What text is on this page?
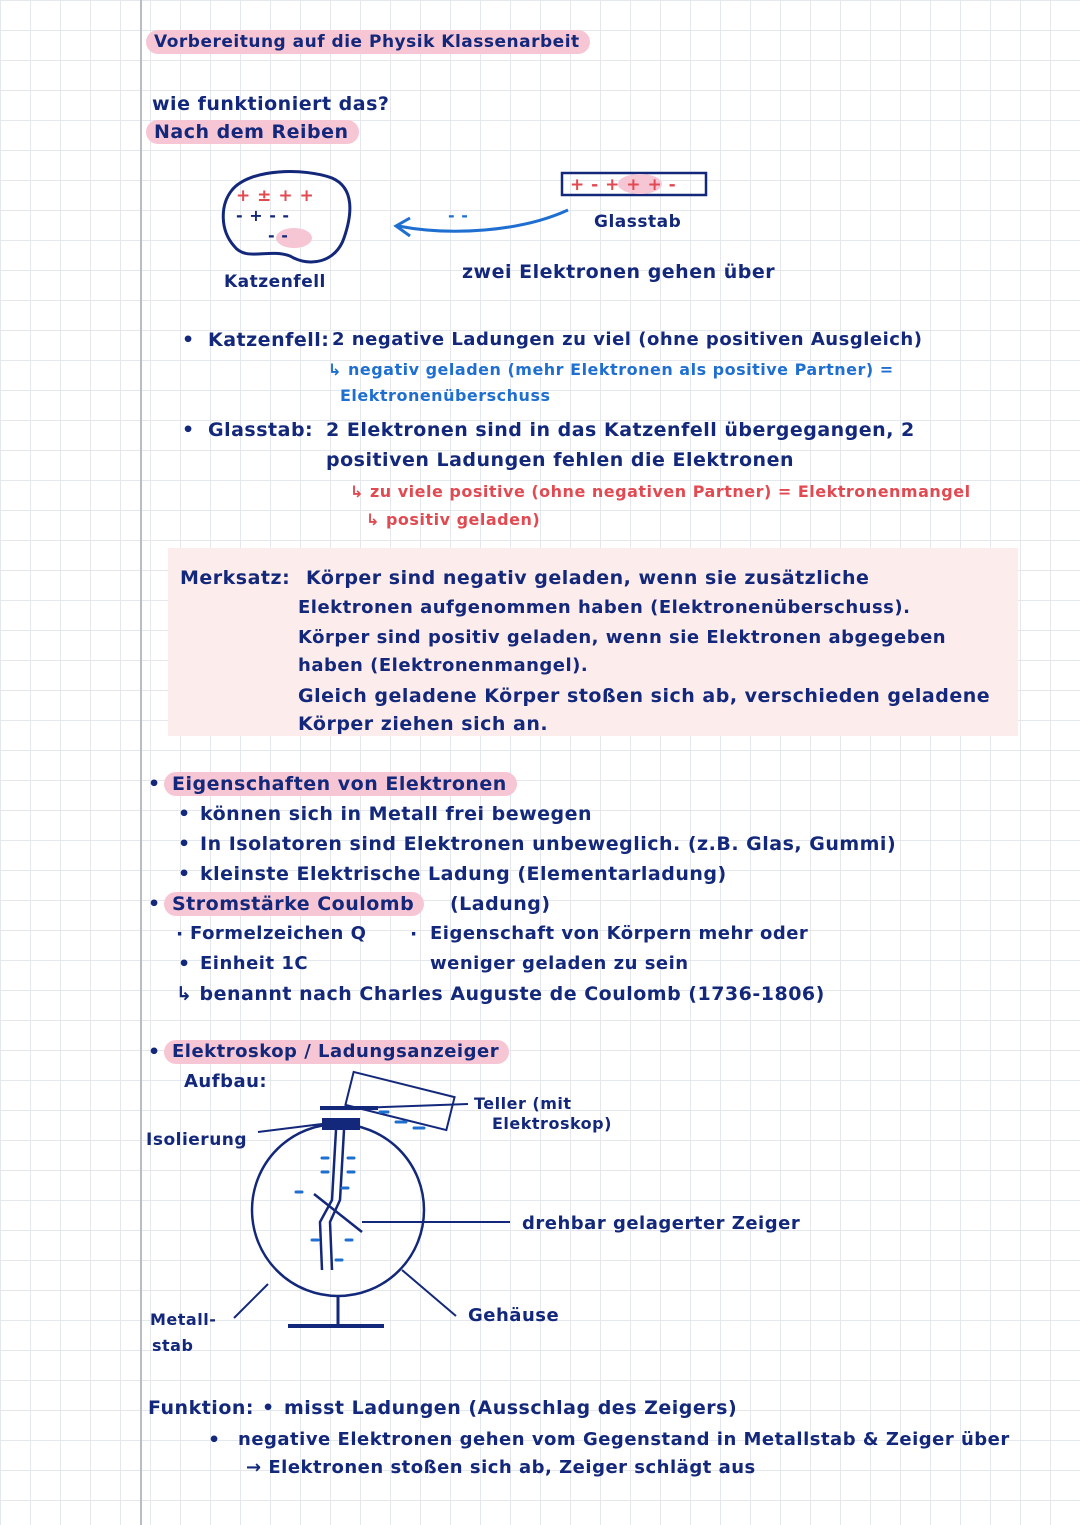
Vorbereitung auf die Physik Klassenarbeit
wie funktioniert das?
Nach dem Reiben
+ ± + +
- + - -
- -
+ - + + + -
- -	Glasstab
Katzenfell	zwei Elektronen gehen über
• Katzenfell: 2 negative Ladungen zu viel (ohne positiven Ausgleich)
↳ negativ geladen (mehr Elektronen als positive Partner) =
Elektronenüberschuss
• Glasstab: 2 Elektronen sind in das Katzenfell übergegangen, 2
positiven Ladungen fehlen die Elektronen
↳ zu viele positive (ohne negativen Partner) = Elektronenmangel
↳ positiv geladen)
Merksatz: Körper sind negativ geladen, wenn sie zusätzliche
Elektronen aufgenommen haben (Elektronenüberschuss).
Körper sind positiv geladen, wenn sie Elektronen abgegeben
haben (Elektronenmangel).
Gleich geladene Körper stoßen sich ab, verschieden geladene
Körper ziehen sich an.
• Eigenschaften von Elektronen
• können sich in Metall frei bewegen
• In Isolatoren sind Elektronen unbeweglich. (z.B. Glas, Gummi)
• kleinste Elektrische Ladung (Elementarladung)
• Stromstärke Coulomb	(Ladung)
· Formelzeichen Q
• Einheit 1C
· Eigenschaft von Körpern mehr oder
weniger geladen zu sein
↳ benannt nach Charles Auguste de Coulomb (1736-1806)
• Elektroskop / Ladungsanzeiger
Aufbau:
Isolierung
Teller (mit
Elektroskop)
drehbar gelagerter Zeiger
Metall-
stab
Gehäuse
Funktion: • misst Ladungen (Ausschlag des Zeigers)
• negative Elektronen gehen vom Gegenstand in Metallstab & Zeiger über
→ Elektronen stoßen sich ab, Zeiger schlägt aus
